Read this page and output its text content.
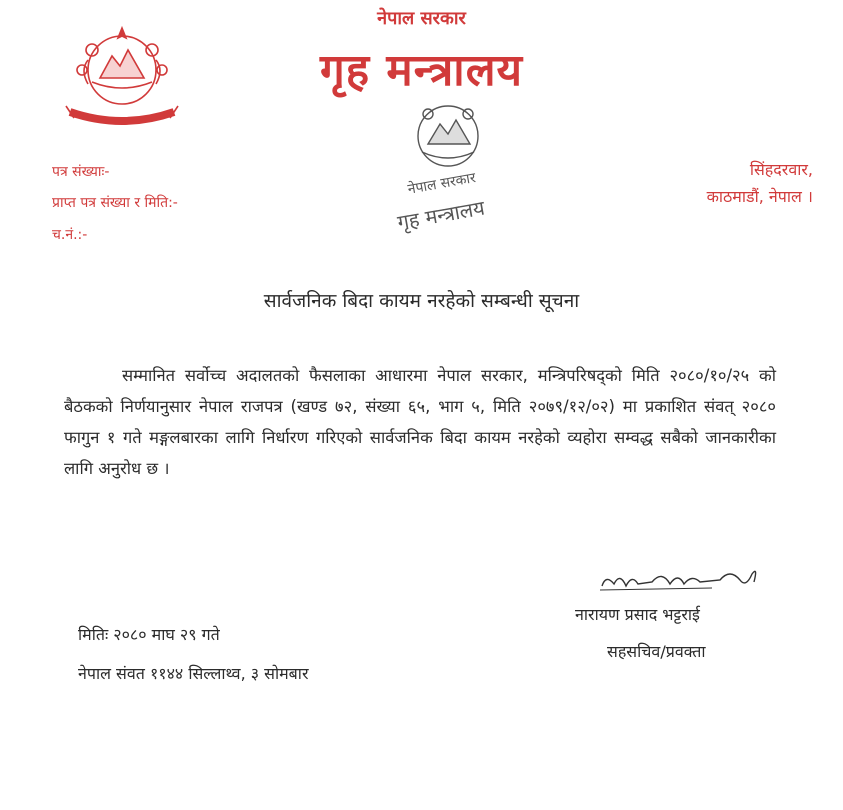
नेपाल सरकार
गृह मन्त्रालय
नेपाल सरकार
गृह मन्त्रालय
पत्र संख्याः-
प्राप्त पत्र संख्या र मिति:-
च.नं.:-
सिंहदरवार,
काठमाडौं, नेपाल ।
सार्वजनिक बिदा कायम नरहेको सम्बन्धी सूचना
सम्मानित सर्वोच्च अदालतको फैसलाका आधारमा नेपाल सरकार, मन्त्रिपरिषद्को मिति २०८०/१०/२५ को बैठकको निर्णयानुसार नेपाल राजपत्र (खण्ड ७२, संख्या ६५, भाग ५, मिति २०७९/१२/०२) मा प्रकाशित संवत् २०८० फागुन १ गते मङ्गलबारका लागि निर्धारण गरिएको सार्वजनिक बिदा कायम नरहेको व्यहोरा सम्वद्ध सबैको जानकारीका लागि अनुरोध छ ।
नारायण प्रसाद भट्टराई
सहसचिव/प्रवक्ता
मितिः २०८० माघ २९ गते
नेपाल संवत ११४४ सिल्लाथ्व, ३ सोमबार
